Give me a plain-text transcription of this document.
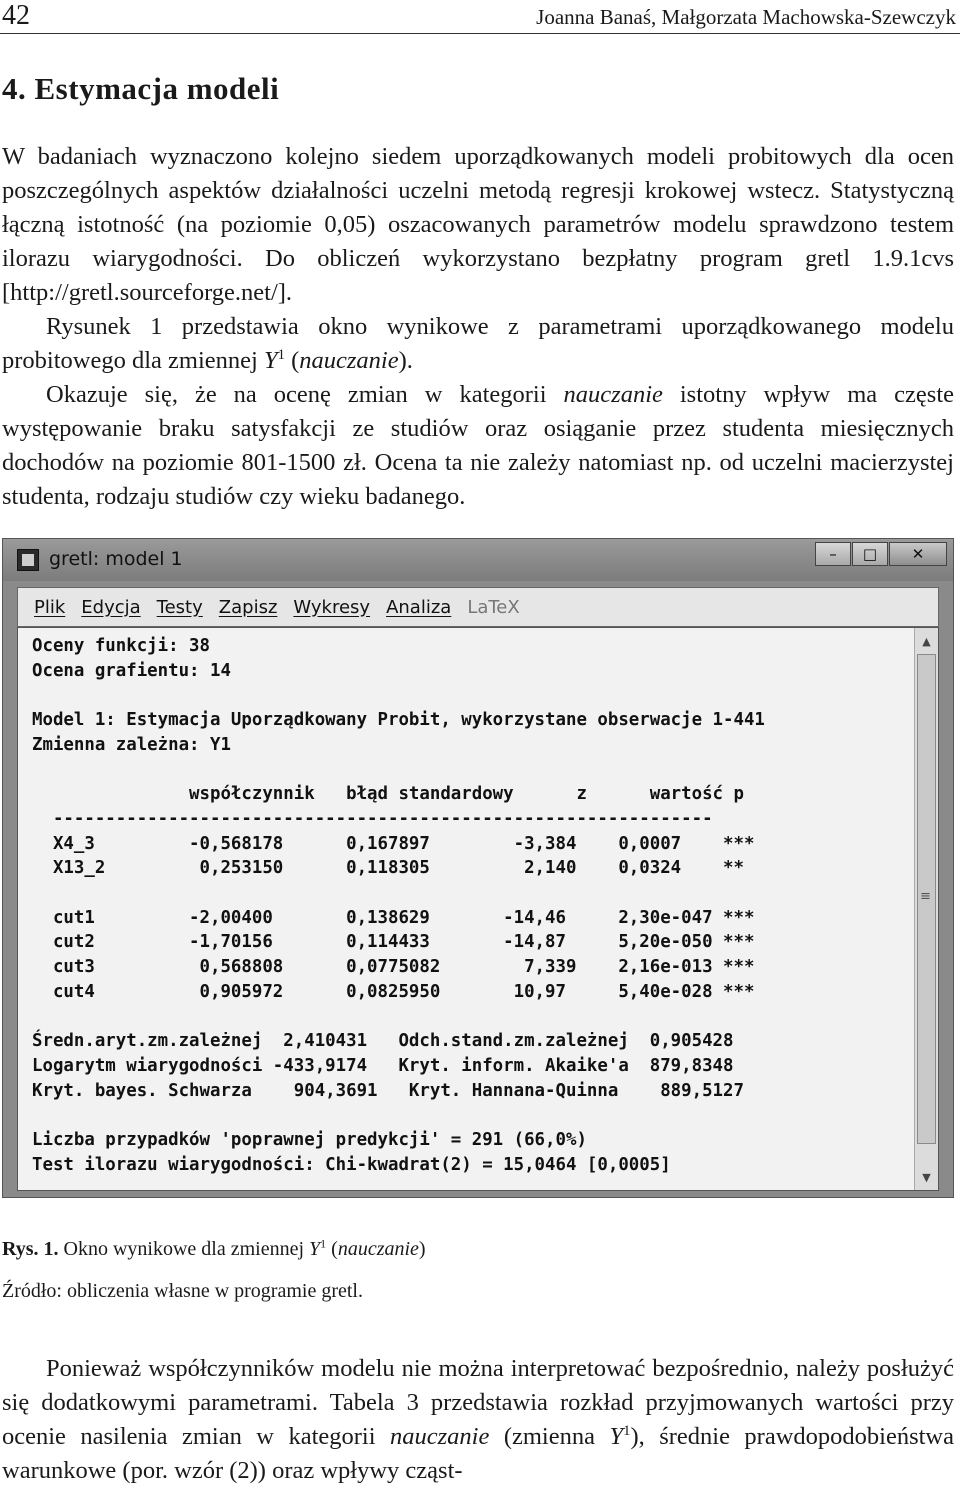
42	Joanna Banaś, Małgorzata Machowska-Szewczyk
4. Estymacja modeli

W badaniach wyznaczono kolejno siedem uporządkowanych modeli probitowych dla ocen poszczególnych aspektów działalności uczelni metodą regresji krokowej wstecz. Statystyczną łączną istotność (na poziomie 0,05) oszacowanych parametrów modelu sprawdzono testem ilorazu wiarygodności. Do obliczeń wykorzystano bezpłatny program gretl 1.9.1cvs [http://gretl.sourceforge.net/].

Rysunek 1 przedstawia okno wynikowe z parametrami uporządkowanego modelu probitowego dla zmiennej $Y^1$ (nauczanie).

Okazuje się, że na ocenę zmian w kategorii nauczanie istotny wpływ ma częste występowanie braku satysfakcji ze studiów oraz osiąganie przez studenta miesięcznych dochodów na poziomie 801-1500 zł. Ocena ta nie zależy natomiast np. od uczelni macierzystej studenta, rodzaju studiów czy wieku badanego.

gretl: model 1	–	□	✕
Plik Edycja Testy Zapisz Wykresy Analiza LaTeX
Oceny funkcji: 38
Ocena grafientu: 14

Model 1: Estymacja Uporządkowany Probit, wykorzystane obserwacje 1-441
Zmienna zależna: Y1

współczynnik   błąd standardowy      z      wartość p
---------------------------------------------------------------
X4_3         -0,568178      0,167897        -3,384    0,0007    ***
X13_2         0,253150      0,118305         2,140    0,0324    **

cut1         -2,00400       0,138629       -14,46     2,30e-047 ***
cut2         -1,70156       0,114433       -14,87     5,20e-050 ***
cut3          0,568808      0,0775082        7,339    2,16e-013 ***
cut4          0,905972      0,0825950       10,97     5,40e-028 ***

Średn.aryt.zm.zależnej  2,410431   Odch.stand.zm.zależnej  0,905428
Logarytm wiarygodności -433,9174   Kryt. inform. Akaike'a  879,8348
Kryt. bayes. Schwarza    904,3691   Kryt. Hannana-Quinna    889,5127

Liczba przypadków 'poprawnej predykcji' = 291 (66,0%)
Test ilorazu wiarygodności: Chi-kwadrat(2) = 15,0464 [0,0005]
▲
≡
▼
Rys. 1. Okno wynikowe dla zmiennej $Y^1$ (nauczanie)
Źródło: obliczenia własne w programie gretl.

Ponieważ współczynników modelu nie można interpretować bezpośrednio, należy posłużyć się dodatkowymi parametrami. Tabela 3 przedstawia rozkład przyjmowanych wartości przy ocenie nasilenia zmian w kategorii nauczanie (zmienna $Y^1$), średnie prawdopodobieństwa warunkowe (por. wzór (2)) oraz wpływy cząst-
